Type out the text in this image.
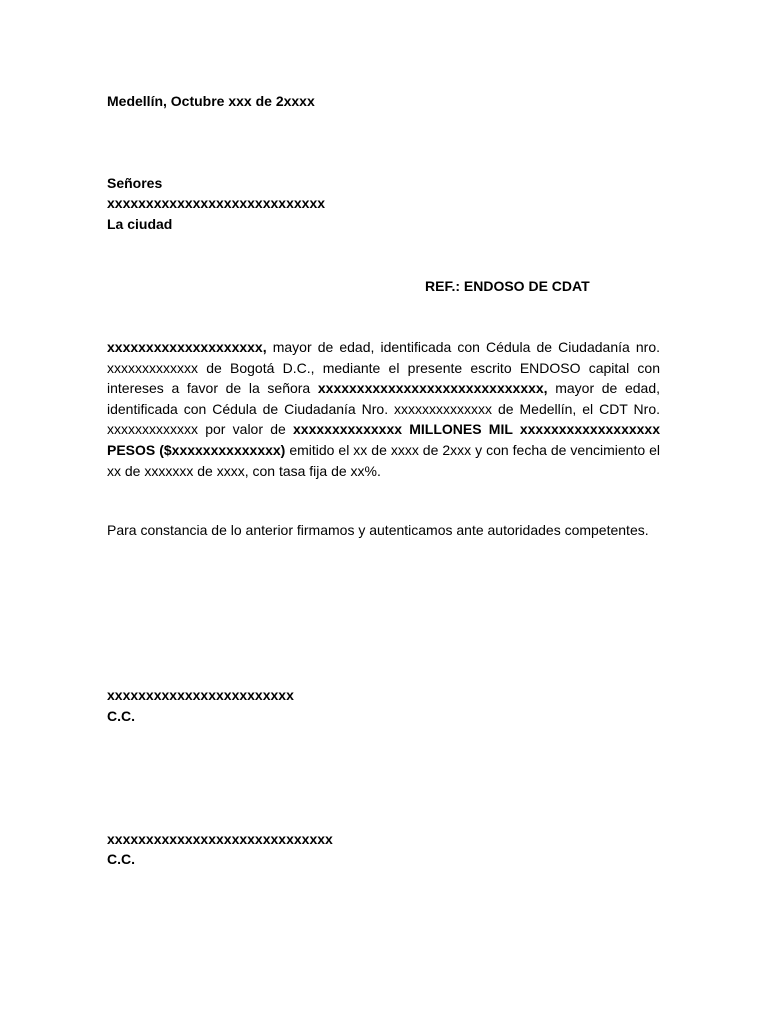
Medellín, Octubre xxx de 2xxxx
Señores
xxxxxxxxxxxxxxxxxxxxxxxxxxxx
La ciudad
REF.: ENDOSO DE CDAT
xxxxxxxxxxxxxxxxxxxx, mayor de edad, identificada con Cédula de Ciudadanía nro. xxxxxxxxxxxxx de Bogotá D.C., mediante el presente escrito ENDOSO capital con intereses a favor de la señora xxxxxxxxxxxxxxxxxxxxxxxxxxxxx, mayor de edad, identificada con Cédula de Ciudadanía Nro. xxxxxxxxxxxxxx de Medellín, el CDT Nro. xxxxxxxxxxxxx por valor de xxxxxxxxxxxxxx MILLONES MIL xxxxxxxxxxxxxxxxxx PESOS ($xxxxxxxxxxxxxx) emitido el xx de xxxx de 2xxx y con fecha de vencimiento el xx de xxxxxxx de xxxx, con tasa fija de xx%.
Para constancia de lo anterior firmamos y autenticamos ante autoridades competentes.
xxxxxxxxxxxxxxxxxxxxxxxx
C.C.
xxxxxxxxxxxxxxxxxxxxxxxxxxxxx
C.C.
